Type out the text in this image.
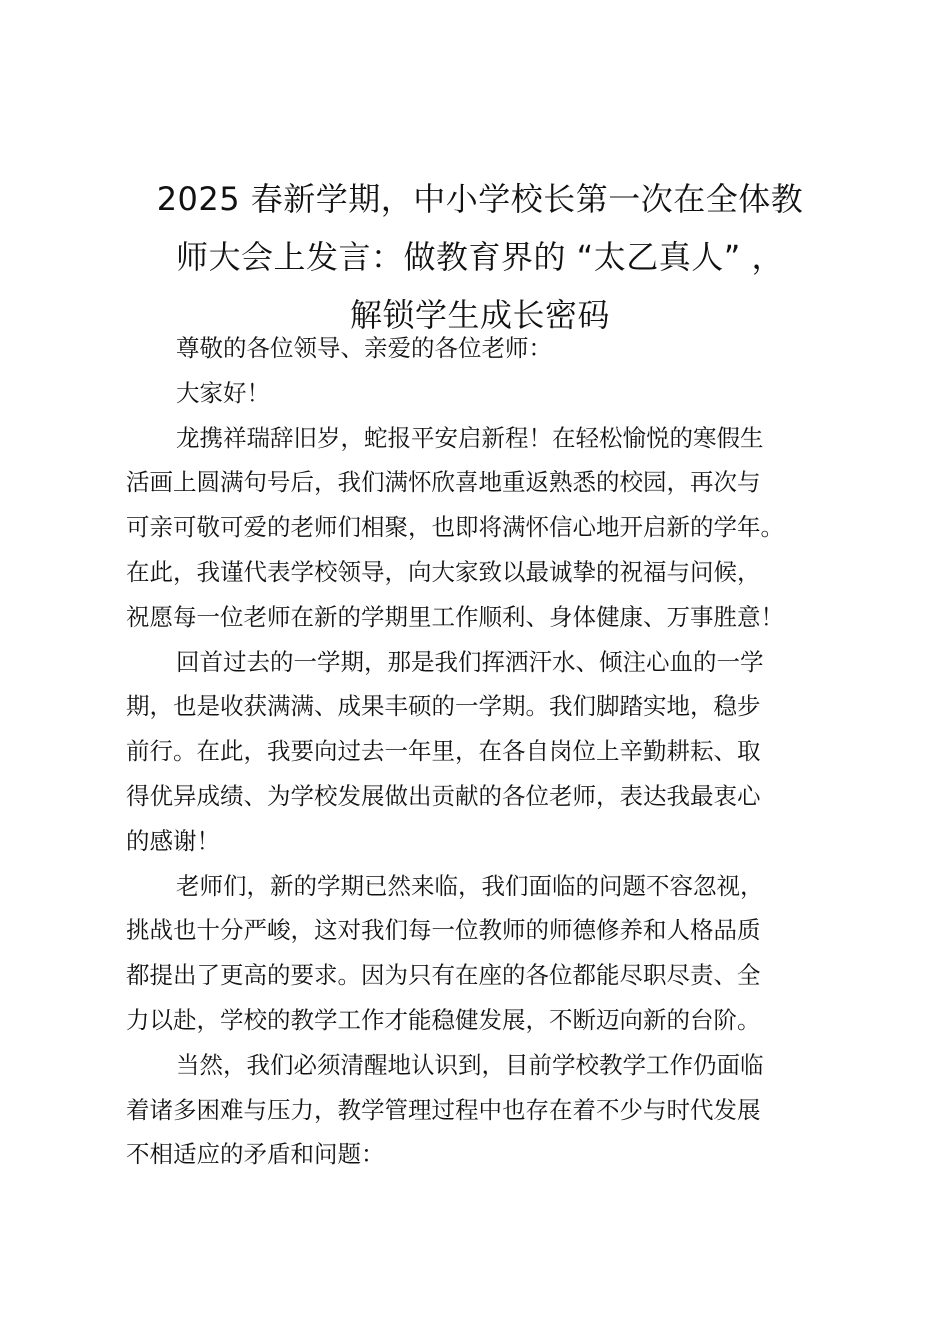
2025 春新学期，中小学校长第一次在全体教
师大会上发言：做教育界的 “太乙真人” ，
解锁学生成长密码

尊敬的各位领导、亲爱的各位老师：

大家好！

龙携祥瑞辞旧岁，蛇报平安启新程！在轻松愉悦的寒假生
活画上圆满句号后，我们满怀欣喜地重返熟悉的校园，再次与
可亲可敬可爱的老师们相聚，也即将满怀信心地开启新的学年。
在此，我谨代表学校领导，向大家致以最诚挚的祝福与问候，
祝愿每一位老师在新的学期里工作顺利、身体健康、万事胜意！

回首过去的一学期，那是我们挥洒汗水、倾注心血的一学
期，也是收获满满、成果丰硕的一学期。我们脚踏实地，稳步
前行。在此，我要向过去一年里，在各自岗位上辛勤耕耘、取
得优异成绩、为学校发展做出贡献的各位老师，表达我最衷心
的感谢！

老师们，新的学期已然来临，我们面临的问题不容忽视，
挑战也十分严峻，这对我们每一位教师的师德修养和人格品质
都提出了更高的要求。因为只有在座的各位都能尽职尽责、全
力以赴，学校的教学工作才能稳健发展，不断迈向新的台阶。

当然，我们必须清醒地认识到，目前学校教学工作仍面临
着诸多困难与压力，教学管理过程中也存在着不少与时代发展
不相适应的矛盾和问题：
